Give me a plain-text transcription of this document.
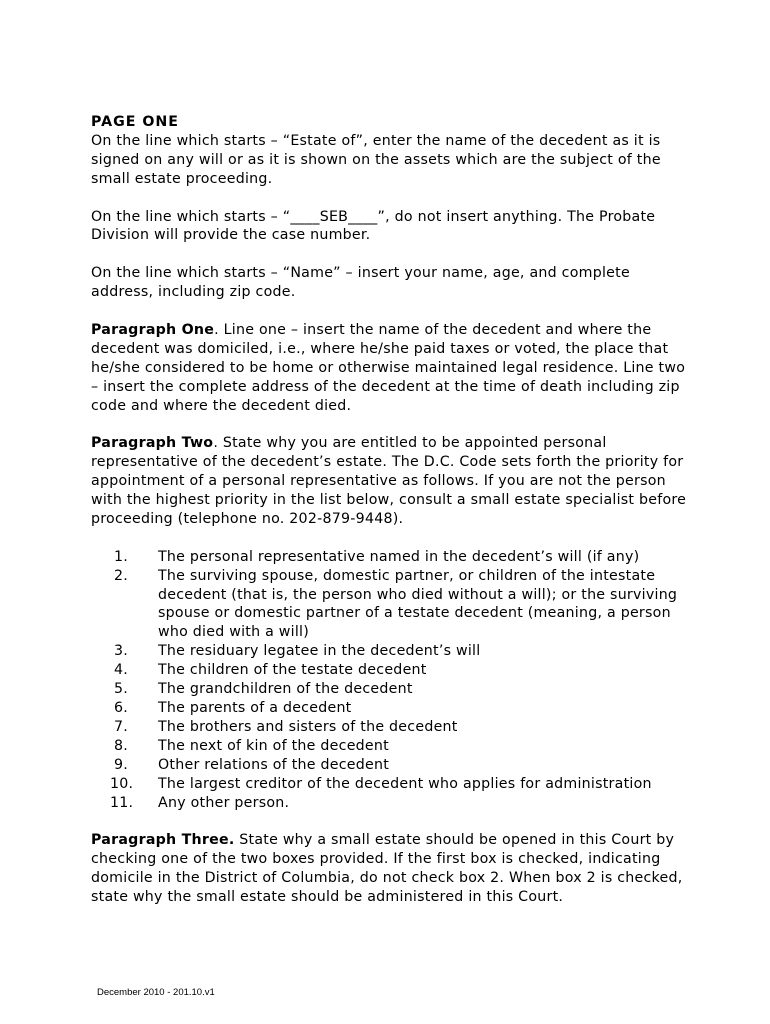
PAGE ONE

On the line which starts – “Estate of”, enter the name of the decedent as it is signed on any will or as it is shown on the assets which are the subject of the small estate proceeding.

On the line which starts – “____SEB____”, do not insert anything. The Probate Division will provide the case number.

On the line which starts – “Name” – insert your name, age, and complete address, including zip code.

Paragraph One. Line one – insert the name of the decedent and where the decedent was domiciled, i.e., where he/she paid taxes or voted, the place that he/she considered to be home or otherwise maintained legal residence. Line two – insert the complete address of the decedent at the time of death including zip code and where the decedent died.

Paragraph Two. State why you are entitled to be appointed personal representative of the decedent’s estate. The D.C. Code sets forth the priority for appointment of a personal representative as follows. If you are not the person with the highest priority in the list below, consult a small estate specialist before proceeding (telephone no. 202-879-9448).

1.	The personal representative named in the decedent’s will (if any)
2.	The surviving spouse, domestic partner, or children of the intestate decedent (that is, the person who died without a will); or the surviving spouse or domestic partner of a testate decedent (meaning, a person who died with a will)
3.	The residuary legatee in the decedent’s will
4.	The children of the testate decedent
5.	The grandchildren of the decedent
6.	The parents of a decedent
7.	The brothers and sisters of the decedent
8.	The next of kin of the decedent
9.	Other relations of the decedent
10.	The largest creditor of the decedent who applies for administration
11.	Any other person.

Paragraph Three. State why a small estate should be opened in this Court by checking one of the two boxes provided. If the first box is checked, indicating domicile in the District of Columbia, do not check box 2. When box 2 is checked, state why the small estate should be administered in this Court.

December 2010 - 201.10.v1
